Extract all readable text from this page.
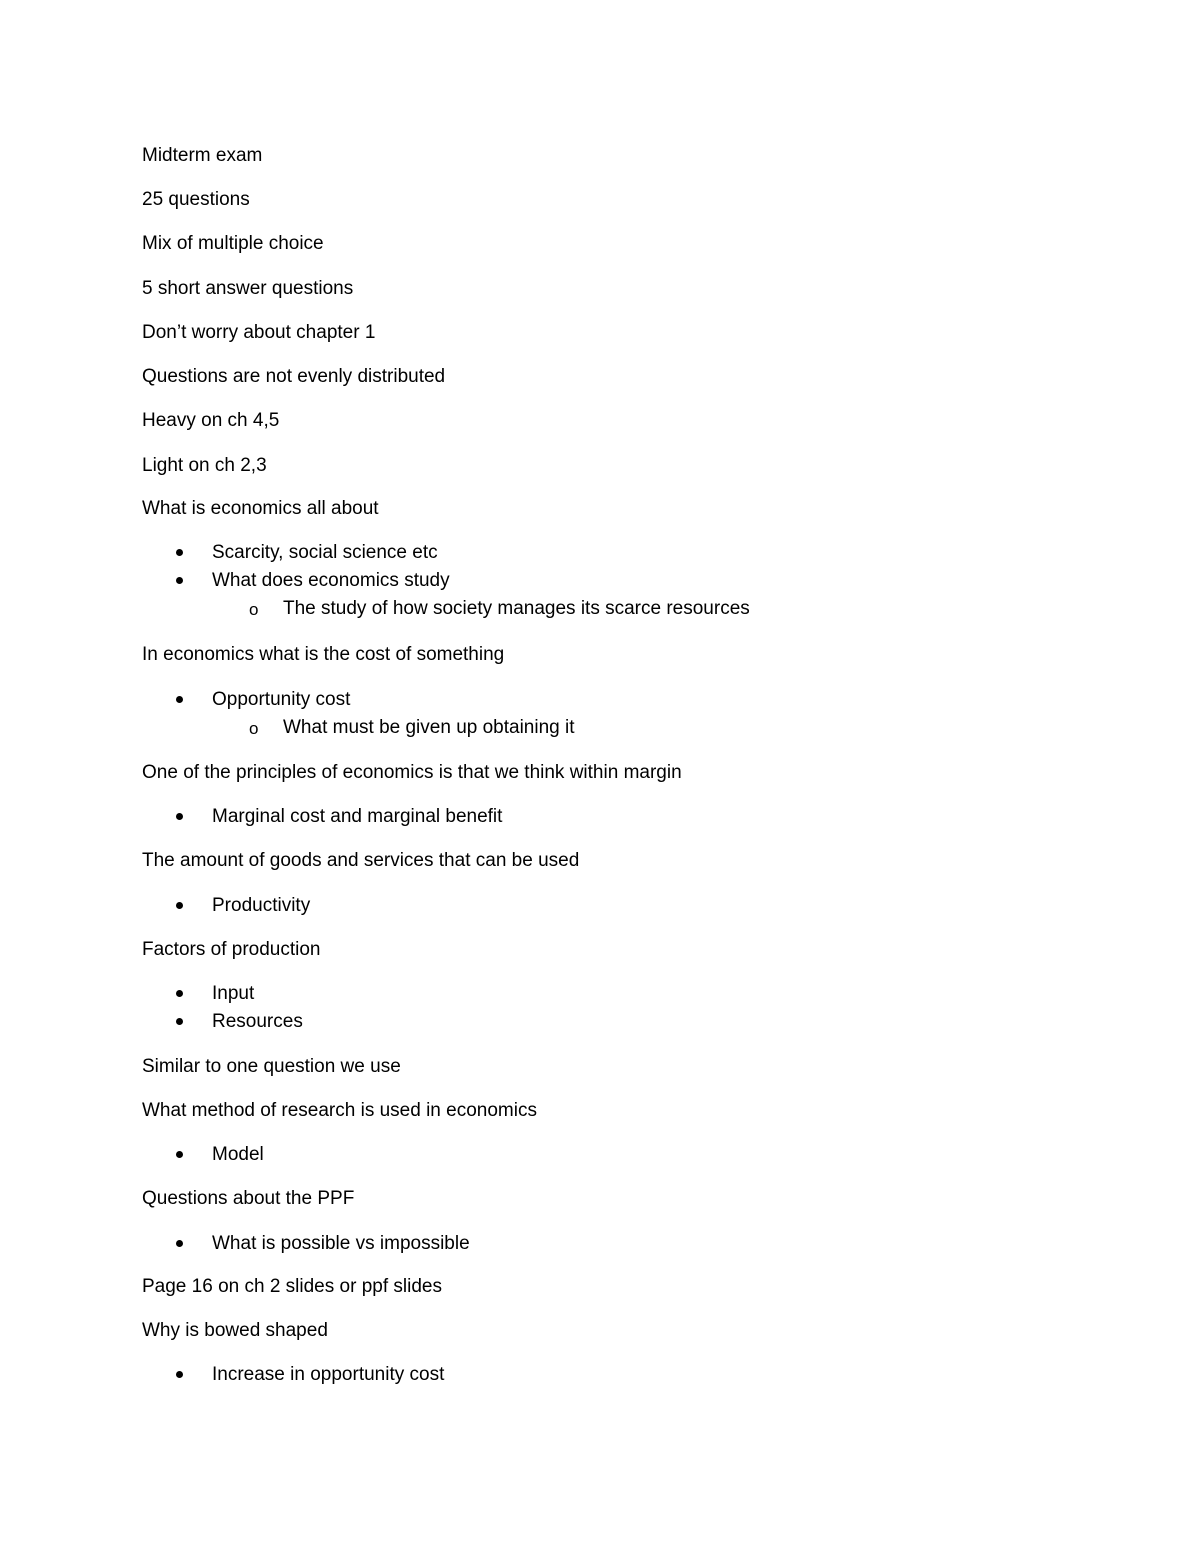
Midterm exam
25 questions
Mix of multiple choice
5 short answer questions
Don’t worry about chapter 1
Questions are not evenly distributed
Heavy on ch 4,5
Light on ch 2,3
What is economics all about
Scarcity, social science etc
What does economics study
o	The study of how society manages its scarce resources
In economics what is the cost of something
Opportunity cost
o	What must be given up obtaining it
One of the principles of economics is that we think within margin
Marginal cost and marginal benefit
The amount of goods and services that can be used
Productivity
Factors of production
Input
Resources
Similar to one question we use
What method of research is used in economics
Model
Questions about the PPF
What is possible vs impossible
Page 16 on ch 2 slides or ppf slides
Why is bowed shaped
Increase in opportunity cost
